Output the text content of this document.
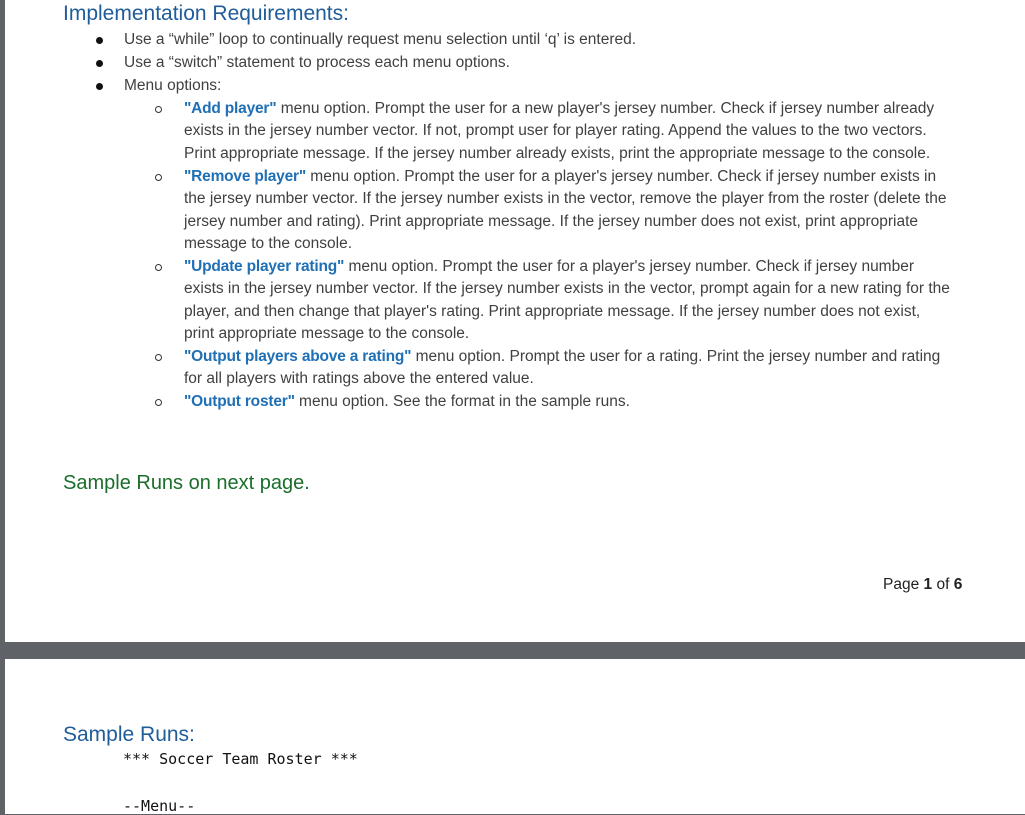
Implementation Requirements:
Use a “while” loop to continually request menu selection until ‘q’ is entered.
Use a “switch” statement to process each menu options.
Menu options:
"Add player" menu option. Prompt the user for a new player's jersey number. Check if jersey number already exists in the jersey number vector. If not, prompt user for player rating. Append the values to the two vectors. Print appropriate message. If the jersey number already exists, print the appropriate message to the console.
"Remove player" menu option. Prompt the user for a player's jersey number. Check if jersey number exists in the jersey number vector. If the jersey number exists in the vector, remove the player from the roster (delete the jersey number and rating). Print appropriate message. If the jersey number does not exist, print appropriate message to the console.
"Update player rating" menu option. Prompt the user for a player's jersey number. Check if jersey number exists in the jersey number vector. If the jersey number exists in the vector, prompt again for a new rating for the player, and then change that player's rating. Print appropriate message. If the jersey number does not exist, print appropriate message to the console.
"Output players above a rating" menu option. Prompt the user for a rating. Print the jersey number and rating for all players with ratings above the entered value.
"Output roster" menu option. See the format in the sample runs.
Sample Runs on next page.
Page 1 of 6
Sample Runs:
*** Soccer Team Roster ***
--Menu--
